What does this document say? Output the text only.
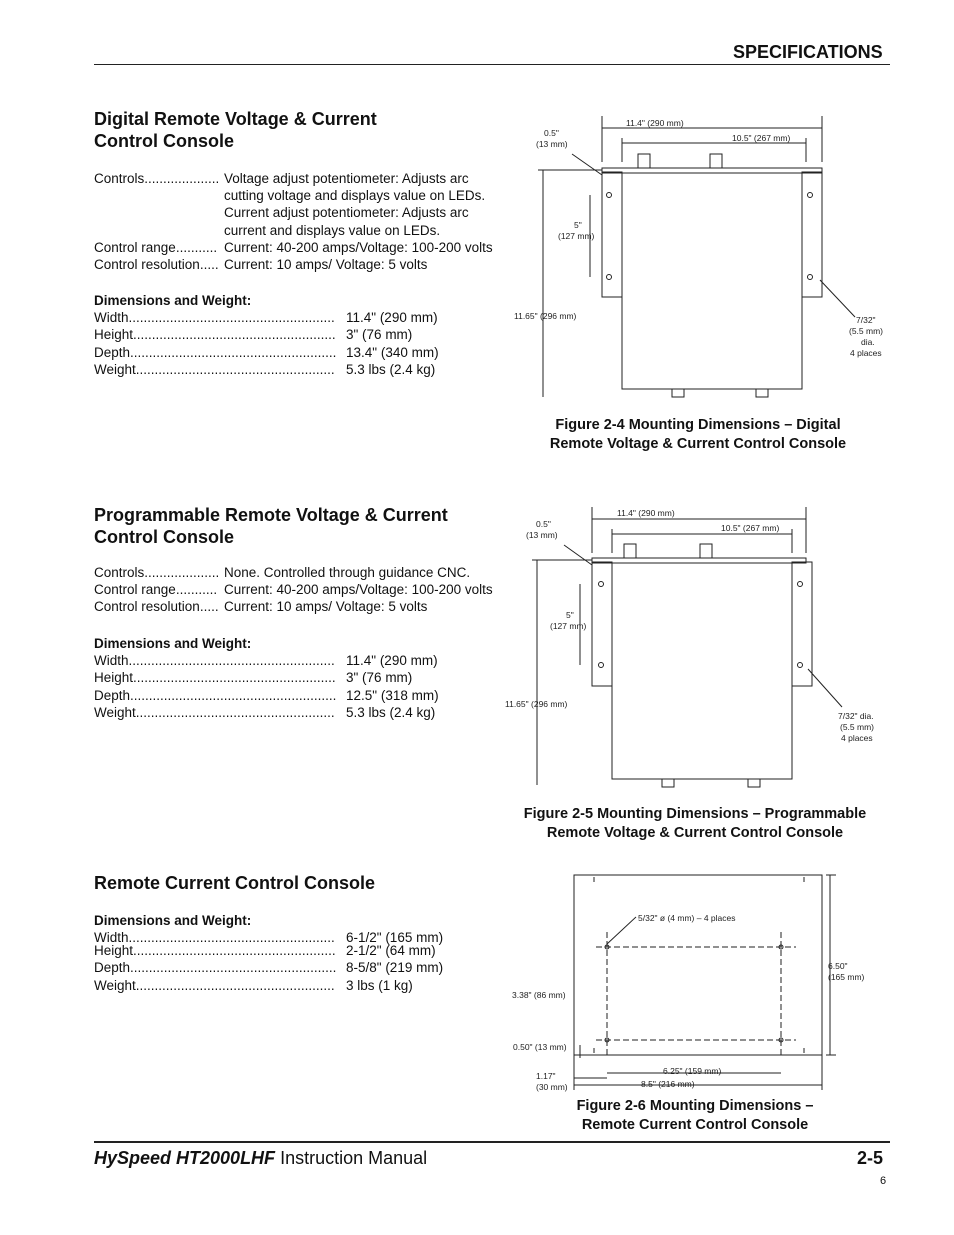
SPECIFICATIONS
Digital Remote Voltage & Current
Control Console
Controls .................... Voltage adjust potentiometer: Adjusts arc
cutting voltage and displays value on LEDs.
Current adjust potentiometer: Adjusts arc
current and displays value on LEDs.
Control range ........... Current: 40-200 amps/Voltage: 100-200 volts
Control resolution ..... Current: 10 amps/ Voltage: 5 volts
Dimensions and Weight:
Width ....................................................... 11.4" (290 mm)
Height ...................................................... 3" (76 mm)
Depth ....................................................... 13.4" (340 mm)
Weight ..................................................... 5.3 lbs (2.4 kg)
11.4" (290 mm)
10.5" (267 mm)
0.5"
(13 mm)
5"
(127 mm)
11.65" (296 mm)	7/32"
(5.5 mm)
dia.
4 places
Figure 2-4 Mounting Dimensions – Digital
Remote Voltage & Current Control Console
Programmable Remote Voltage & Current
Control Console
Controls .................... None. Controlled through guidance CNC.
Control range ........... Current: 40-200 amps/Voltage: 100-200 volts
Control resolution ..... Current: 10 amps/ Voltage: 5 volts
Dimensions and Weight:
Width ....................................................... 11.4" (290 mm)
Height ...................................................... 3" (76 mm)
Depth ....................................................... 12.5" (318 mm)
Weight ..................................................... 5.3 lbs (2.4 kg)
11.4" (290 mm)
10.5" (267 mm)
0.5"
(13 mm)
5"
(127 mm)
11.65" (296 mm)
7/32" dia.
(5.5 mm)
4 places
Figure 2-5 Mounting Dimensions – Programmable
Remote Voltage & Current Control Console
Remote Current Control Console
Dimensions and Weight:
Width ....................................................... 6-1/2" (165 mm)
Height ...................................................... 2-1/2" (64 mm)
Depth ....................................................... 8-5/8" (219 mm)
Weight ..................................................... 3 lbs (1 kg)
5/32" ø (4 mm) – 4 places
6.50"
(165 mm)
3.38" (86 mm)
0.50" (13 mm)
1.17"
(30 mm)
6.25" (159 mm)
8.5" (216 mm)
Figure 2-6 Mounting Dimensions –
Remote Current Control Console
HySpeed HT2000LHF Instruction Manual	2-5
6
